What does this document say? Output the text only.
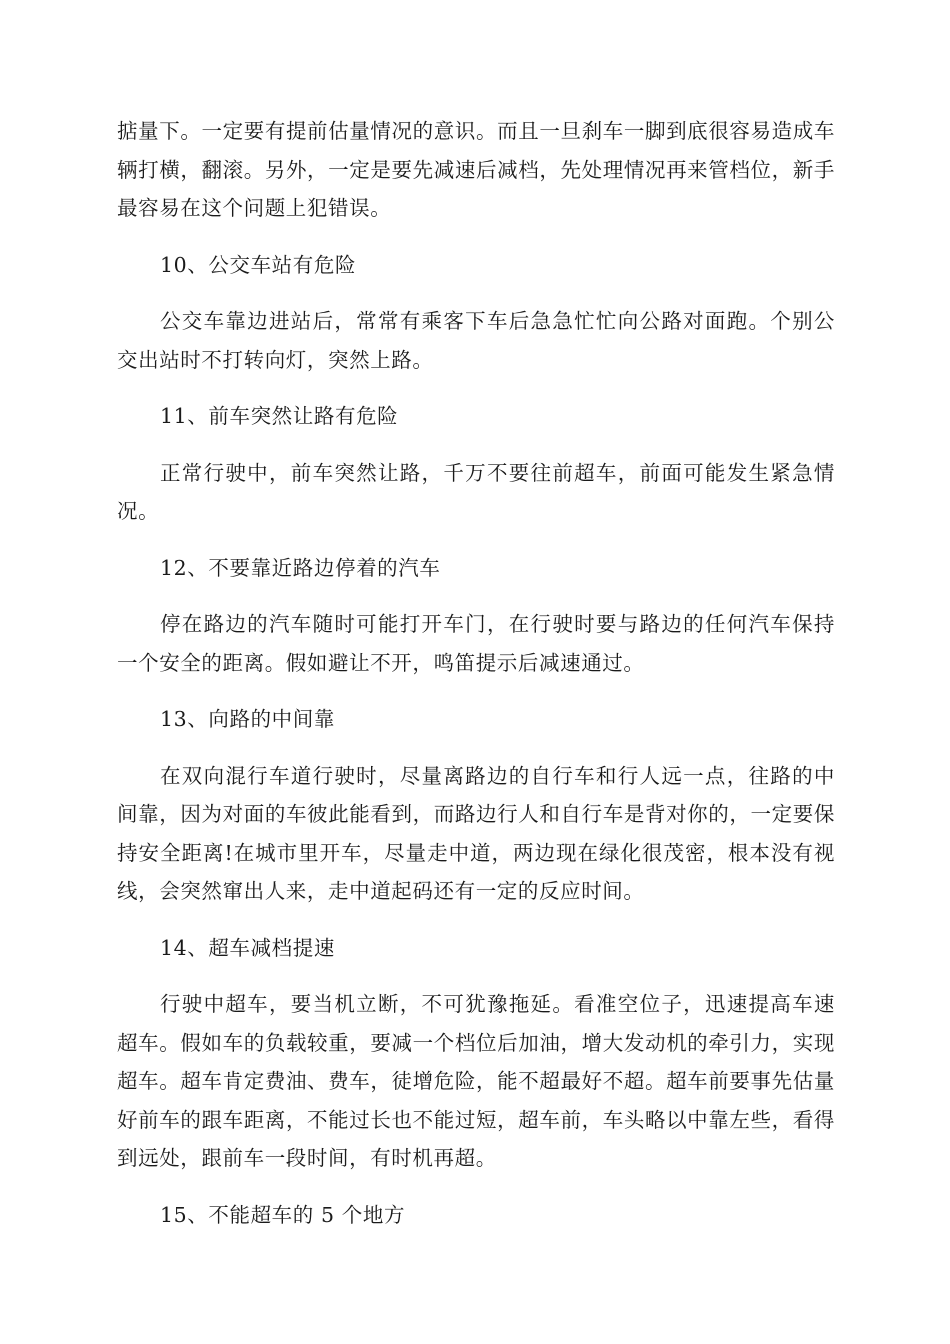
掂量下。一定要有提前估量情况的意识。而且一旦刹车一脚到底很容易造成车辆打横，翻滚。另外，一定是要先减速后减档，先处理情况再来管档位，新手最容易在这个问题上犯错误。

10、公交车站有危险

公交车靠边进站后，常常有乘客下车后急急忙忙向公路对面跑。个别公交出站时不打转向灯，突然上路。

11、前车突然让路有危险

正常行驶中，前车突然让路，千万不要往前超车，前面可能发生紧急情况。

12、不要靠近路边停着的汽车

停在路边的汽车随时可能打开车门，在行驶时要与路边的任何汽车保持一个安全的距离。假如避让不开，鸣笛提示后减速通过。

13、向路的中间靠

在双向混行车道行驶时，尽量离路边的自行车和行人远一点，往路的中间靠，因为对面的车彼此能看到，而路边行人和自行车是背对你的，一定要保持安全距离!在城市里开车，尽量走中道，两边现在绿化很茂密，根本没有视线，会突然窜出人来，走中道起码还有一定的反应时间。

14、超车减档提速

行驶中超车，要当机立断，不可犹豫拖延。看准空位子，迅速提高车速超车。假如车的负载较重，要减一个档位后加油，增大发动机的牵引力，实现超车。超车肯定费油、费车，徒增危险，能不超最好不超。超车前要事先估量好前车的跟车距离，不能过长也不能过短，超车前，车头略以中靠左些，看得到远处，跟前车一段时间，有时机再超。

15、不能超车的 5 个地方
